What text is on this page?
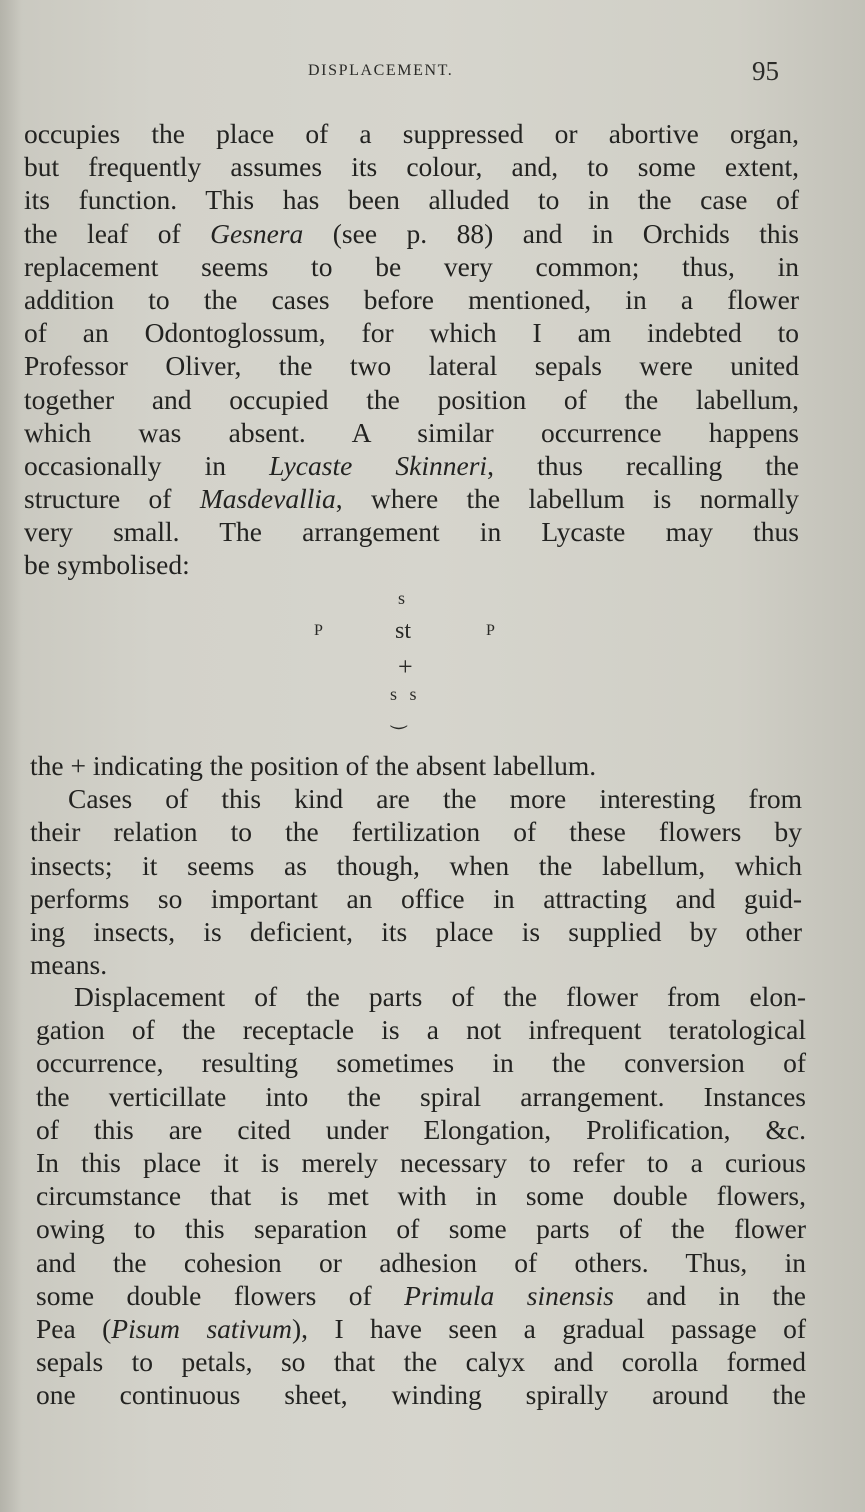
DISPLACEMENT.	95
occupies the place of a suppressed or abortive organ,
but frequently assumes its colour, and, to some extent,
its function. This has been alluded to in the case of
the leaf of Gesnera (see p. 88) and in Orchids this
replacement seems to be very common; thus, in
addition to the cases before mentioned, in a flower
of an Odontoglossum, for which I am indebted to
Professor Oliver, the two lateral sepals were united
together and occupied the position of the labellum,
which was absent. A similar occurrence happens
occasionally in Lycaste Skinneri, thus recalling the
structure of Masdevallia, where the labellum is normally
very small. The arrangement in Lycaste may thus
be symbolised:
s
P	st	P
+
s s
⏝
the + indicating the position of the absent labellum.
Cases of this kind are the more interesting from
their relation to the fertilization of these flowers by
insects; it seems as though, when the labellum, which
performs so important an office in attracting and guid-
ing insects, is deficient, its place is supplied by other
means.
Displacement of the parts of the flower from elon-
gation of the receptacle is a not infrequent teratological
occurrence, resulting sometimes in the conversion of
the verticillate into the spiral arrangement. Instances
of this are cited under Elongation, Prolification, &c.
In this place it is merely necessary to refer to a curious
circumstance that is met with in some double flowers,
owing to this separation of some parts of the flower
and the cohesion or adhesion of others. Thus, in
some double flowers of Primula sinensis and in the
Pea (Pisum sativum), I have seen a gradual passage of
sepals to petals, so that the calyx and corolla formed
one continuous sheet, winding spirally around the
